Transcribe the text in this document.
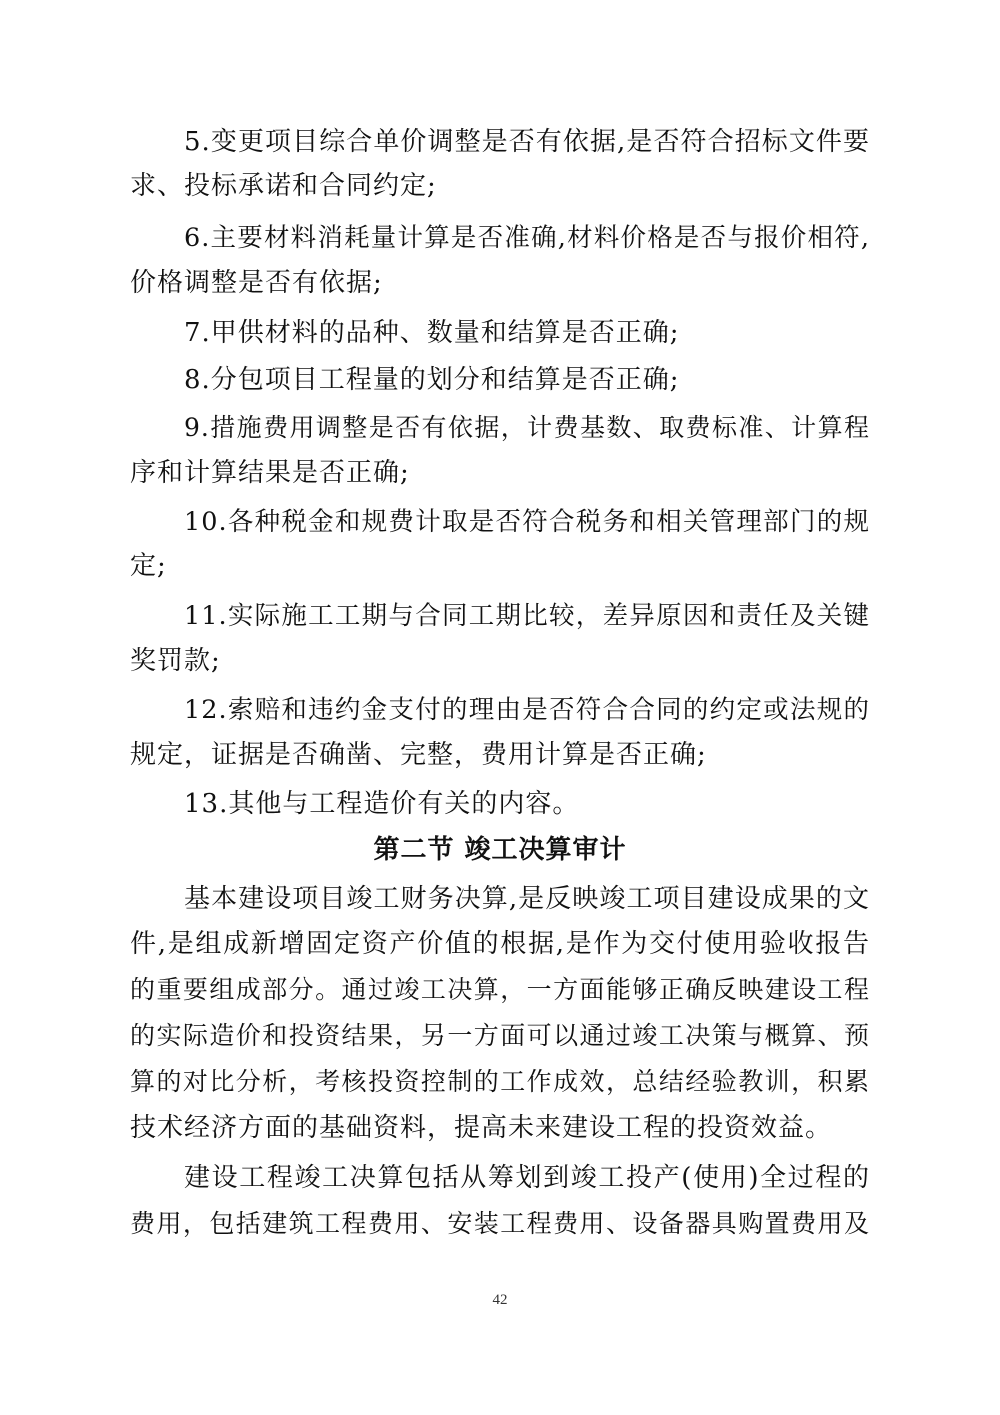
5.变更项目综合单价调整是否有依据,是否符合招标文件要
求、投标承诺和合同约定;
6.主要材料消耗量计算是否准确,材料价格是否与报价相符,
价格调整是否有依据;
7.甲供材料的品种、数量和结算是否正确;
8.分包项目工程量的划分和结算是否正确;
9.措施费用调整是否有依据，计费基数、取费标准、计算程
序和计算结果是否正确;
10.各种税金和规费计取是否符合税务和相关管理部门的规
定;
11.实际施工工期与合同工期比较，差异原因和责任及关键
奖罚款;
12.索赔和违约金支付的理由是否符合合同的约定或法规的
规定，证据是否确凿、完整，费用计算是否正确;
13.其他与工程造价有关的内容。
第二节 竣工决算审计
基本建设项目竣工财务决算,是反映竣工项目建设成果的文
件,是组成新增固定资产价值的根据,是作为交付使用验收报告
的重要组成部分。通过竣工决算，一方面能够正确反映建设工程
的实际造价和投资结果，另一方面可以通过竣工决策与概算、预
算的对比分析，考核投资控制的工作成效，总结经验教训，积累
技术经济方面的基础资料，提高未来建设工程的投资效益。
建设工程竣工决算包括从筹划到竣工投产(使用)全过程的
费用，包括建筑工程费用、安装工程费用、设备器具购置费用及
42
